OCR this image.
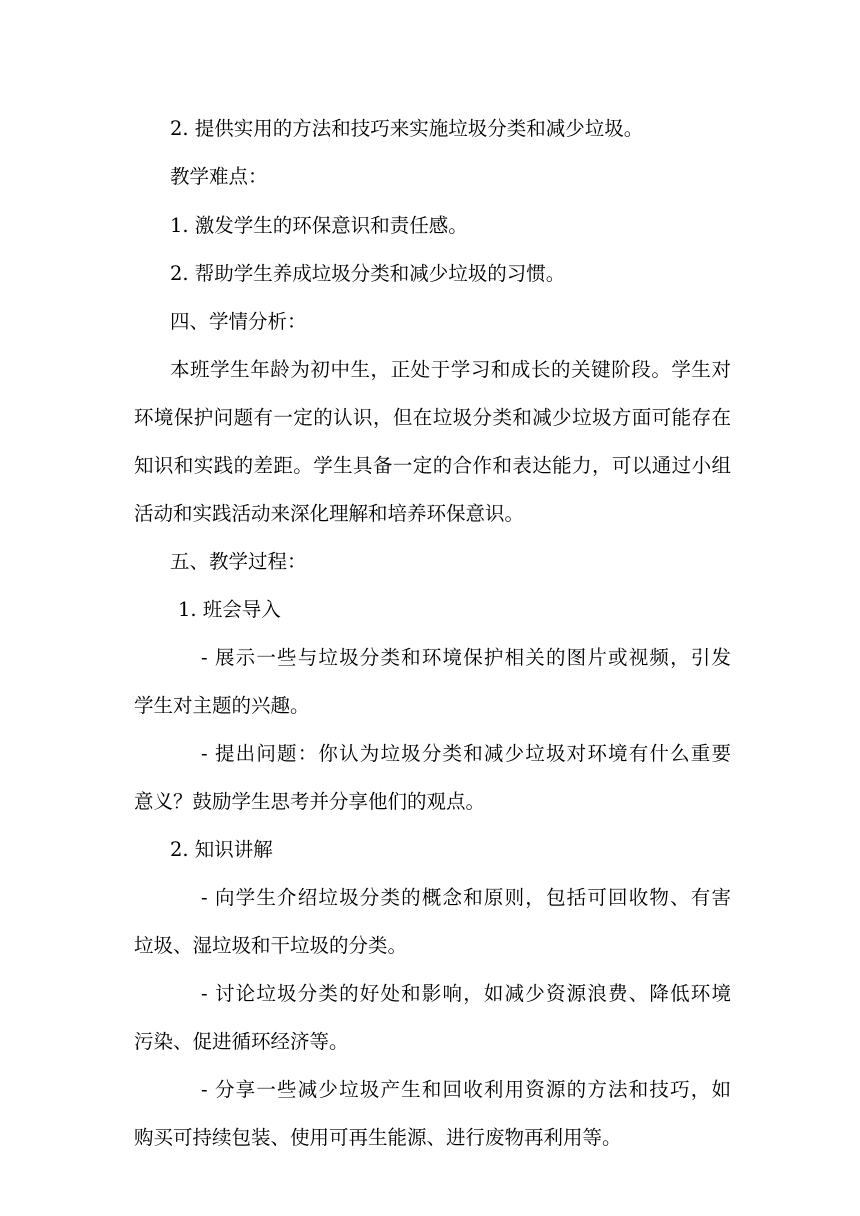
2. 提供实用的方法和技巧来实施垃圾分类和减少垃圾。
教学难点：
1. 激发学生的环保意识和责任感。
2. 帮助学生养成垃圾分类和减少垃圾的习惯。
四、学情分析：
本班学生年龄为初中生，正处于学习和成长的关键阶段。学生对
环境保护问题有一定的认识，但在垃圾分类和减少垃圾方面可能存在
知识和实践的差距。学生具备一定的合作和表达能力，可以通过小组
活动和实践活动来深化理解和培养环保意识。
五、教学过程：
1. 班会导入
- 展示一些与垃圾分类和环境保护相关的图片或视频，引发
学生对主题的兴趣。
- 提出问题：你认为垃圾分类和减少垃圾对环境有什么重要
意义？鼓励学生思考并分享他们的观点。
2. 知识讲解
- 向学生介绍垃圾分类的概念和原则，包括可回收物、有害
垃圾、湿垃圾和干垃圾的分类。
- 讨论垃圾分类的好处和影响，如减少资源浪费、降低环境
污染、促进循环经济等。
- 分享一些减少垃圾产生和回收利用资源的方法和技巧，如
购买可持续包装、使用可再生能源、进行废物再利用等。
